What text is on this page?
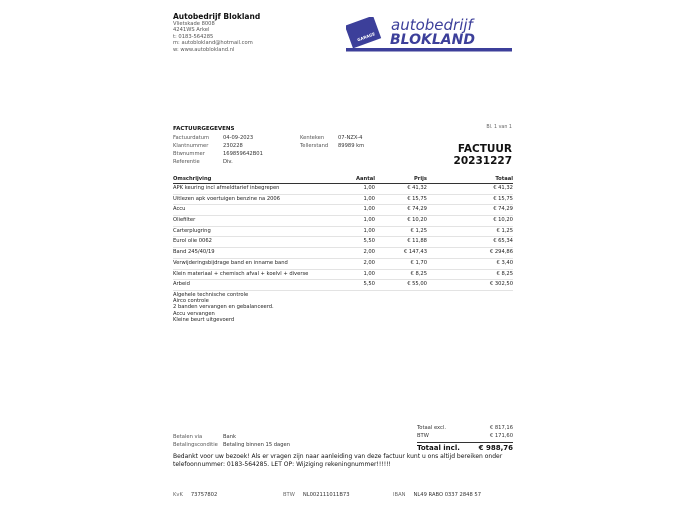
Autobedrijf Blokland
Vlietskade 8008
4241WS Arkel
t: 0183-564285
m: autoblokland@hotmail.com
w: www.autoblokland.nl
GARAGE
autobedrijf
BLOKLAND
FACTUURGEGEVENS
Factuurdatum	04-09-2023
Klantnummer	230228
Btwnummer	169859642B01
Referentie	Div.
Kenteken	07-NZX-4
Tellerstand	89989 km
Bl. 1 van 1
FACTUUR 20231227
Omschrijving	Aantal	Prijs	Totaal
APK keuring incl afmeldtarief inbegrepen	1,00	€ 41,32	€ 41,32
Uitlezen apk voertuigen benzine na 2006	1,00	€ 15,75	€ 15,75
Accu	1,00	€ 74,29	€ 74,29
Oliefilter	1,00	€ 10,20	€ 10,20
Carterplugring	1,00	€ 1,25	€ 1,25
Eurol olie 0062	5,50	€ 11,88	€ 65,34
Band 245/40/19	2,00	€ 147,43	€ 294,86
Verwijderingsbijdrage band en inname band	2,00	€ 1,70	€ 3,40
Klein materiaal + chemisch afval + koelvl + diverse	1,00	€ 8,25	€ 8,25
Arbeid	5,50	€ 55,00	€ 302,50
Algehele technische controle
Airco controle
2 banden vervangen en gebalanceerd.
Accu vervangen
Kleine beurt uitgevoerd
Totaal excl.	€ 817,16
BTW	€ 171,60
Totaal incl.	€ 988,76
Betalen via	Bank
Betalingsconditie Betaling binnen 15 dagen
Bedankt voor uw bezoek! Als er vragen zijn naar aanleiding van deze factuur kunt u ons altijd bereiken onder telefoonnummer: 0183-564285. LET OP: Wijziging rekeningnummer!!!!!!
KvK 73757802	BTW NL002111011B73	IBAN NL49 RABO 0337 2848 57
